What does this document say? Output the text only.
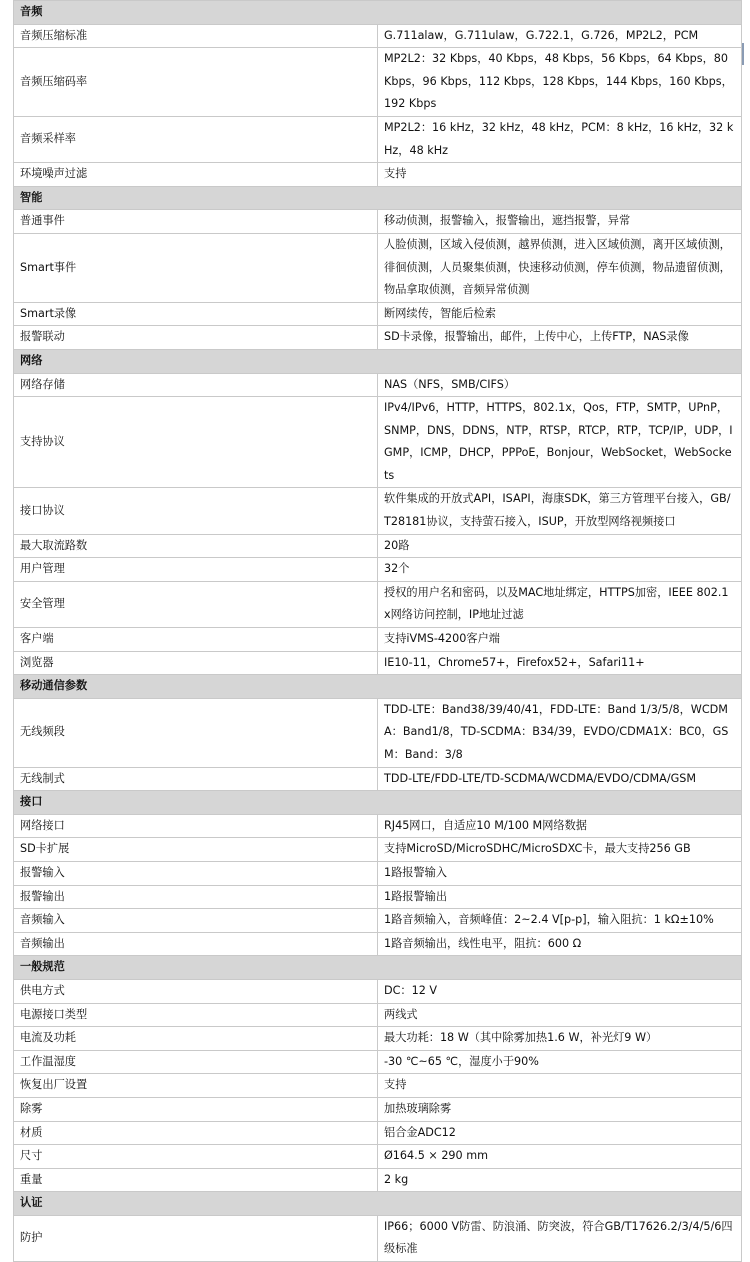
音频	
音频压缩标准	G.711alaw，G.711ulaw，G.722.1，G.726，MP2L2，PCM
音频压缩码率	MP2L2：32 Kbps，40 Kbps，48 Kbps，56 Kbps，64 Kbps，80 Kbps，96 Kbps，112 Kbps，128 Kbps，144 Kbps，160 Kbps，192 Kbps
音频采样率	MP2L2：16 kHz，32 kHz，48 kHz，PCM：8 kHz，16 kHz，32 kHz，48 kHz
环境噪声过滤	支持
智能	
普通事件	移动侦测，报警输入，报警输出，遮挡报警，异常
Smart事件	人脸侦测，区域入侵侦测，越界侦测，进入区域侦测，离开区域侦测，徘徊侦测，人员聚集侦测，快速移动侦测，停车侦测，物品遗留侦测，物品拿取侦测，音频异常侦测
Smart录像	断网续传，智能后检索
报警联动	SD卡录像，报警输出，邮件，上传中心，上传FTP，NAS录像
网络	
网络存储	NAS（NFS，SMB/CIFS）
支持协议	IPv4/IPv6，HTTP，HTTPS，802.1x，Qos，FTP，SMTP，UPnP，SNMP，DNS，DDNS，NTP，RTSP，RTCP，RTP，TCP/IP，UDP，IGMP，ICMP，DHCP，PPPoE，Bonjour，WebSocket，WebSockets
接口协议	软件集成的开放式API，ISAPI，海康SDK，第三方管理平台接入，GB/T28181协议，支持萤石接入，ISUP，开放型网络视频接口
最大取流路数	20路
用户管理	32个
安全管理	授权的用户名和密码，以及MAC地址绑定，HTTPS加密，IEEE 802.1x网络访问控制，IP地址过滤
客户端	支持iVMS-4200客户端
浏览器	IE10-11，Chrome57+，Firefox52+，Safari11+
移动通信参数	
无线频段	TDD-LTE：Band38/39/40/41，FDD-LTE：Band 1/3/5/8，WCDMA：Band1/8，TD-SCDMA：B34/39，EVDO/CDMA1X：BC0，GSM：Band：3/8
无线制式	TDD-LTE/FDD-LTE/TD-SCDMA/WCDMA/EVDO/CDMA/GSM
接口	
网络接口	RJ45网口，自适应10 M/100 M网络数据
SD卡扩展	支持MicroSD/MicroSDHC/MicroSDXC卡，最大支持256 GB
报警输入	1路报警输入
报警输出	1路报警输出
音频输入	1路音频输入，音频峰值：2~2.4 V[p-p]，输入阻抗：1 kΩ±10%
音频输出	1路音频输出，线性电平，阻抗：600 Ω
一般规范	
供电方式	DC：12 V
电源接口类型	两线式
电流及功耗	最大功耗：18 W（其中除雾加热1.6 W，补光灯9 W）
工作温湿度	-30 ℃~65 ℃，湿度小于90%
恢复出厂设置	支持
除雾	加热玻璃除雾
材质	铝合金ADC12
尺寸	Ø164.5 × 290 mm
重量	2 kg
认证	
防护	IP66；6000 V防雷、防浪涌、防突波，符合GB/T17626.2/3/4/5/6四级标准
